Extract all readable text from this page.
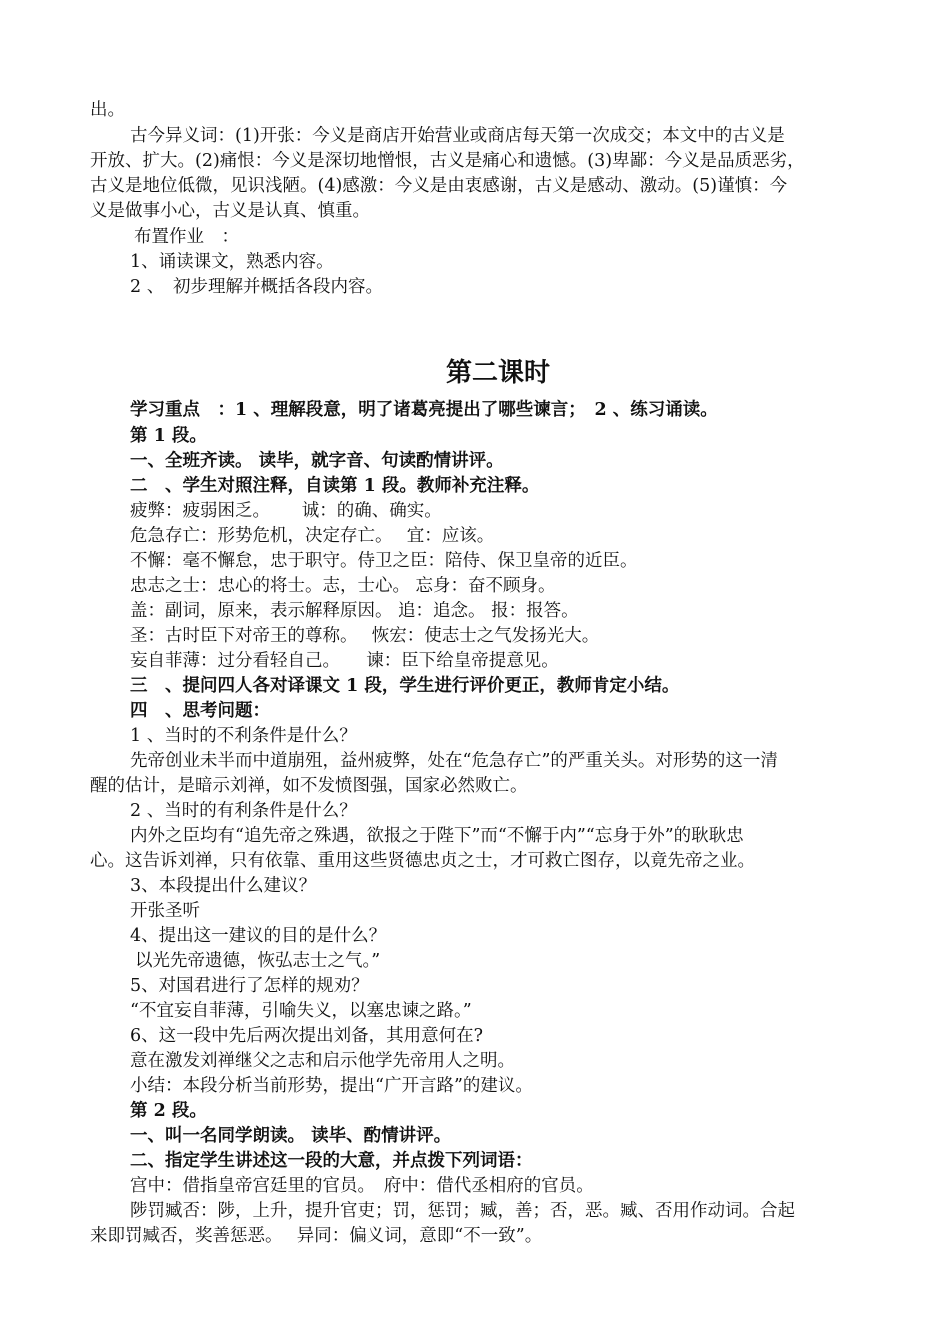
出。
古今异义词：(1)开张：今义是商店开始营业或商店每天第一次成交；本文中的古义是
开放、扩大。(2)痛恨：今义是深切地憎恨，古义是痛心和遗憾。(3)卑鄙：今义是品质恶劣，
古义是地位低微，见识浅陋。(4)感激：今义是由衷感谢，古义是感动、激动。(5)谨慎：今
义是做事小心，古义是认真、慎重。
布置作业　：
1、诵读课文，熟悉内容。
2 、　初步理解并概括各段内容。
第二课时
学习重点　：1 、理解段意，明了诸葛亮提出了哪些谏言；　2 、练习诵读。
第 1 段。
一、全班齐读。 读毕，就字音、句读酌情讲评。
二　、学生对照注释，自读第 1 段。教师补充注释。
疲弊：疲弱困乏。　　 诚：的确、确实。
危急存亡：形势危机，决定存亡。　 宜：应该。
不懈：毫不懈怠，忠于职守。侍卫之臣：陪侍、保卫皇帝的近臣。
忠志之士：忠心的将士。志，士心。 忘身：奋不顾身。
盖：副词，原来，表示解释原因。 追：追念。 报：报答。
圣：古时臣下对帝王的尊称。　 恢宏：使志士之气发扬光大。
妄自菲薄：过分看轻自己。　　谏：臣下给皇帝提意见。
三　、提问四人各对译课文 1 段，学生进行评价更正，教师肯定小结。
四　、思考问题：
1 、当时的不利条件是什么？
先帝创业未半而中道崩殂，益州疲弊，处在“危急存亡”的严重关头。对形势的这一清
醒的估计，是暗示刘禅，如不发愤图强，国家必然败亡。
2 、当时的有利条件是什么？
内外之臣均有“追先帝之殊遇，欲报之于陛下”而“不懈于内”“忘身于外”的耿耿忠
心。这告诉刘禅，只有依靠、重用这些贤德忠贞之士，才可救亡图存，以竟先帝之业。
3、本段提出什么建议？
开张圣听
4、提出这一建议的目的是什么？
以光先帝遗德，恢弘志士之气。”
5、对国君进行了怎样的规劝？
“不宜妄自菲薄，引喻失义，以塞忠谏之路。”
6、这一段中先后两次提出刘备，其用意何在?
意在激发刘禅继父之志和启示他学先帝用人之明。
小结：本段分析当前形势，提出“广开言路”的建议。
第 2 段。
一、叫一名同学朗读。 读毕、酌情讲评。
二、指定学生讲述这一段的大意，并点拨下列词语：
宫中：借指皇帝宫廷里的官员。　府中：借代丞相府的官员。
陟罚臧否：陟，上升，提升官吏；罚，惩罚；臧，善；否，恶。臧、否用作动词。合起
来即罚臧否，奖善惩恶。　 异同：偏义词，意即“不一致”。
